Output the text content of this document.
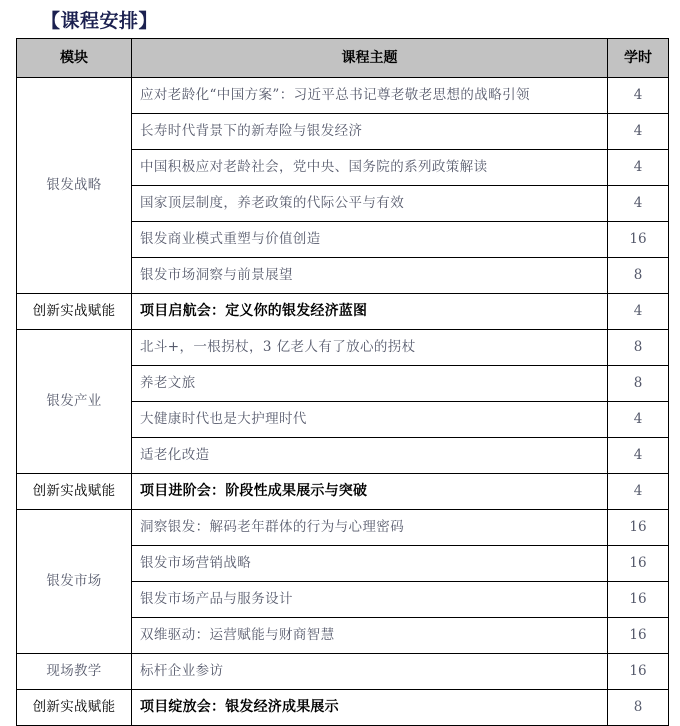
【课程安排】
模块	课程主题	学时
银发战略	应对老龄化“中国方案”：习近平总书记尊老敬老思想的战略引领	4
	长寿时代背景下的新寿险与银发经济	4
	中国积极应对老龄社会，党中央、国务院的系列政策解读	4
	国家顶层制度，养老政策的代际公平与有效	4
	银发商业模式重塑与价值创造	16
	银发市场洞察与前景展望	8
创新实战赋能	项目启航会：定义你的银发经济蓝图	4
银发产业	北斗+，一根拐杖，3 亿老人有了放心的拐杖	8
	养老文旅	8
	大健康时代也是大护理时代	4
	适老化改造	4
创新实战赋能	项目进阶会：阶段性成果展示与突破	4
银发市场	洞察银发：解码老年群体的行为与心理密码	16
	银发市场营销战略	16
	银发市场产品与服务设计	16
	双维驱动：运营赋能与财商智慧	16
现场教学	标杆企业参访	16
创新实战赋能	项目绽放会：银发经济成果展示	8
